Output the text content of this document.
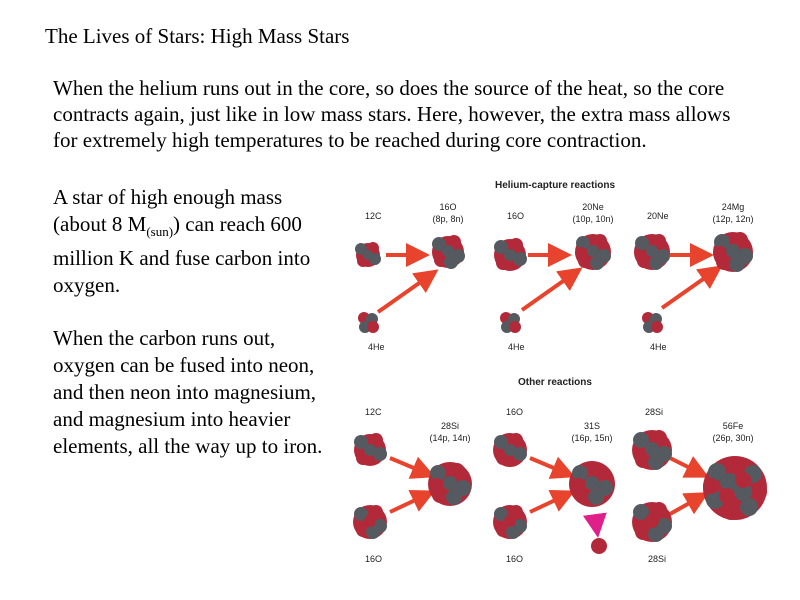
The Lives of Stars: High Mass Stars
When the helium runs out in the core, so does the source of the heat, so the core contracts again, just like in low mass stars. Here, however, the extra mass allows for extremely high temperatures to be reached during core contraction.
A star of high enough mass (about 8 $M_{(sun)}$) can reach 600 million K and fuse carbon into oxygen.
When the carbon runs out, oxygen can be fused into neon, and then neon into magnesium, and magnesium into heavier elements, all the way up to iron.
Helium-capture reactions
Other reactions
12C
4He
16O
(8p, 8n)	16O
4He
20Ne
(10p, 10n)	20Ne
4He
24Mg
(12p, 12n)
12C
16O
28Si
(14p, 14n)
16O
16O
31S
(16p, 15n)
28Si
28Si
56Fe
(26p, 30n)
